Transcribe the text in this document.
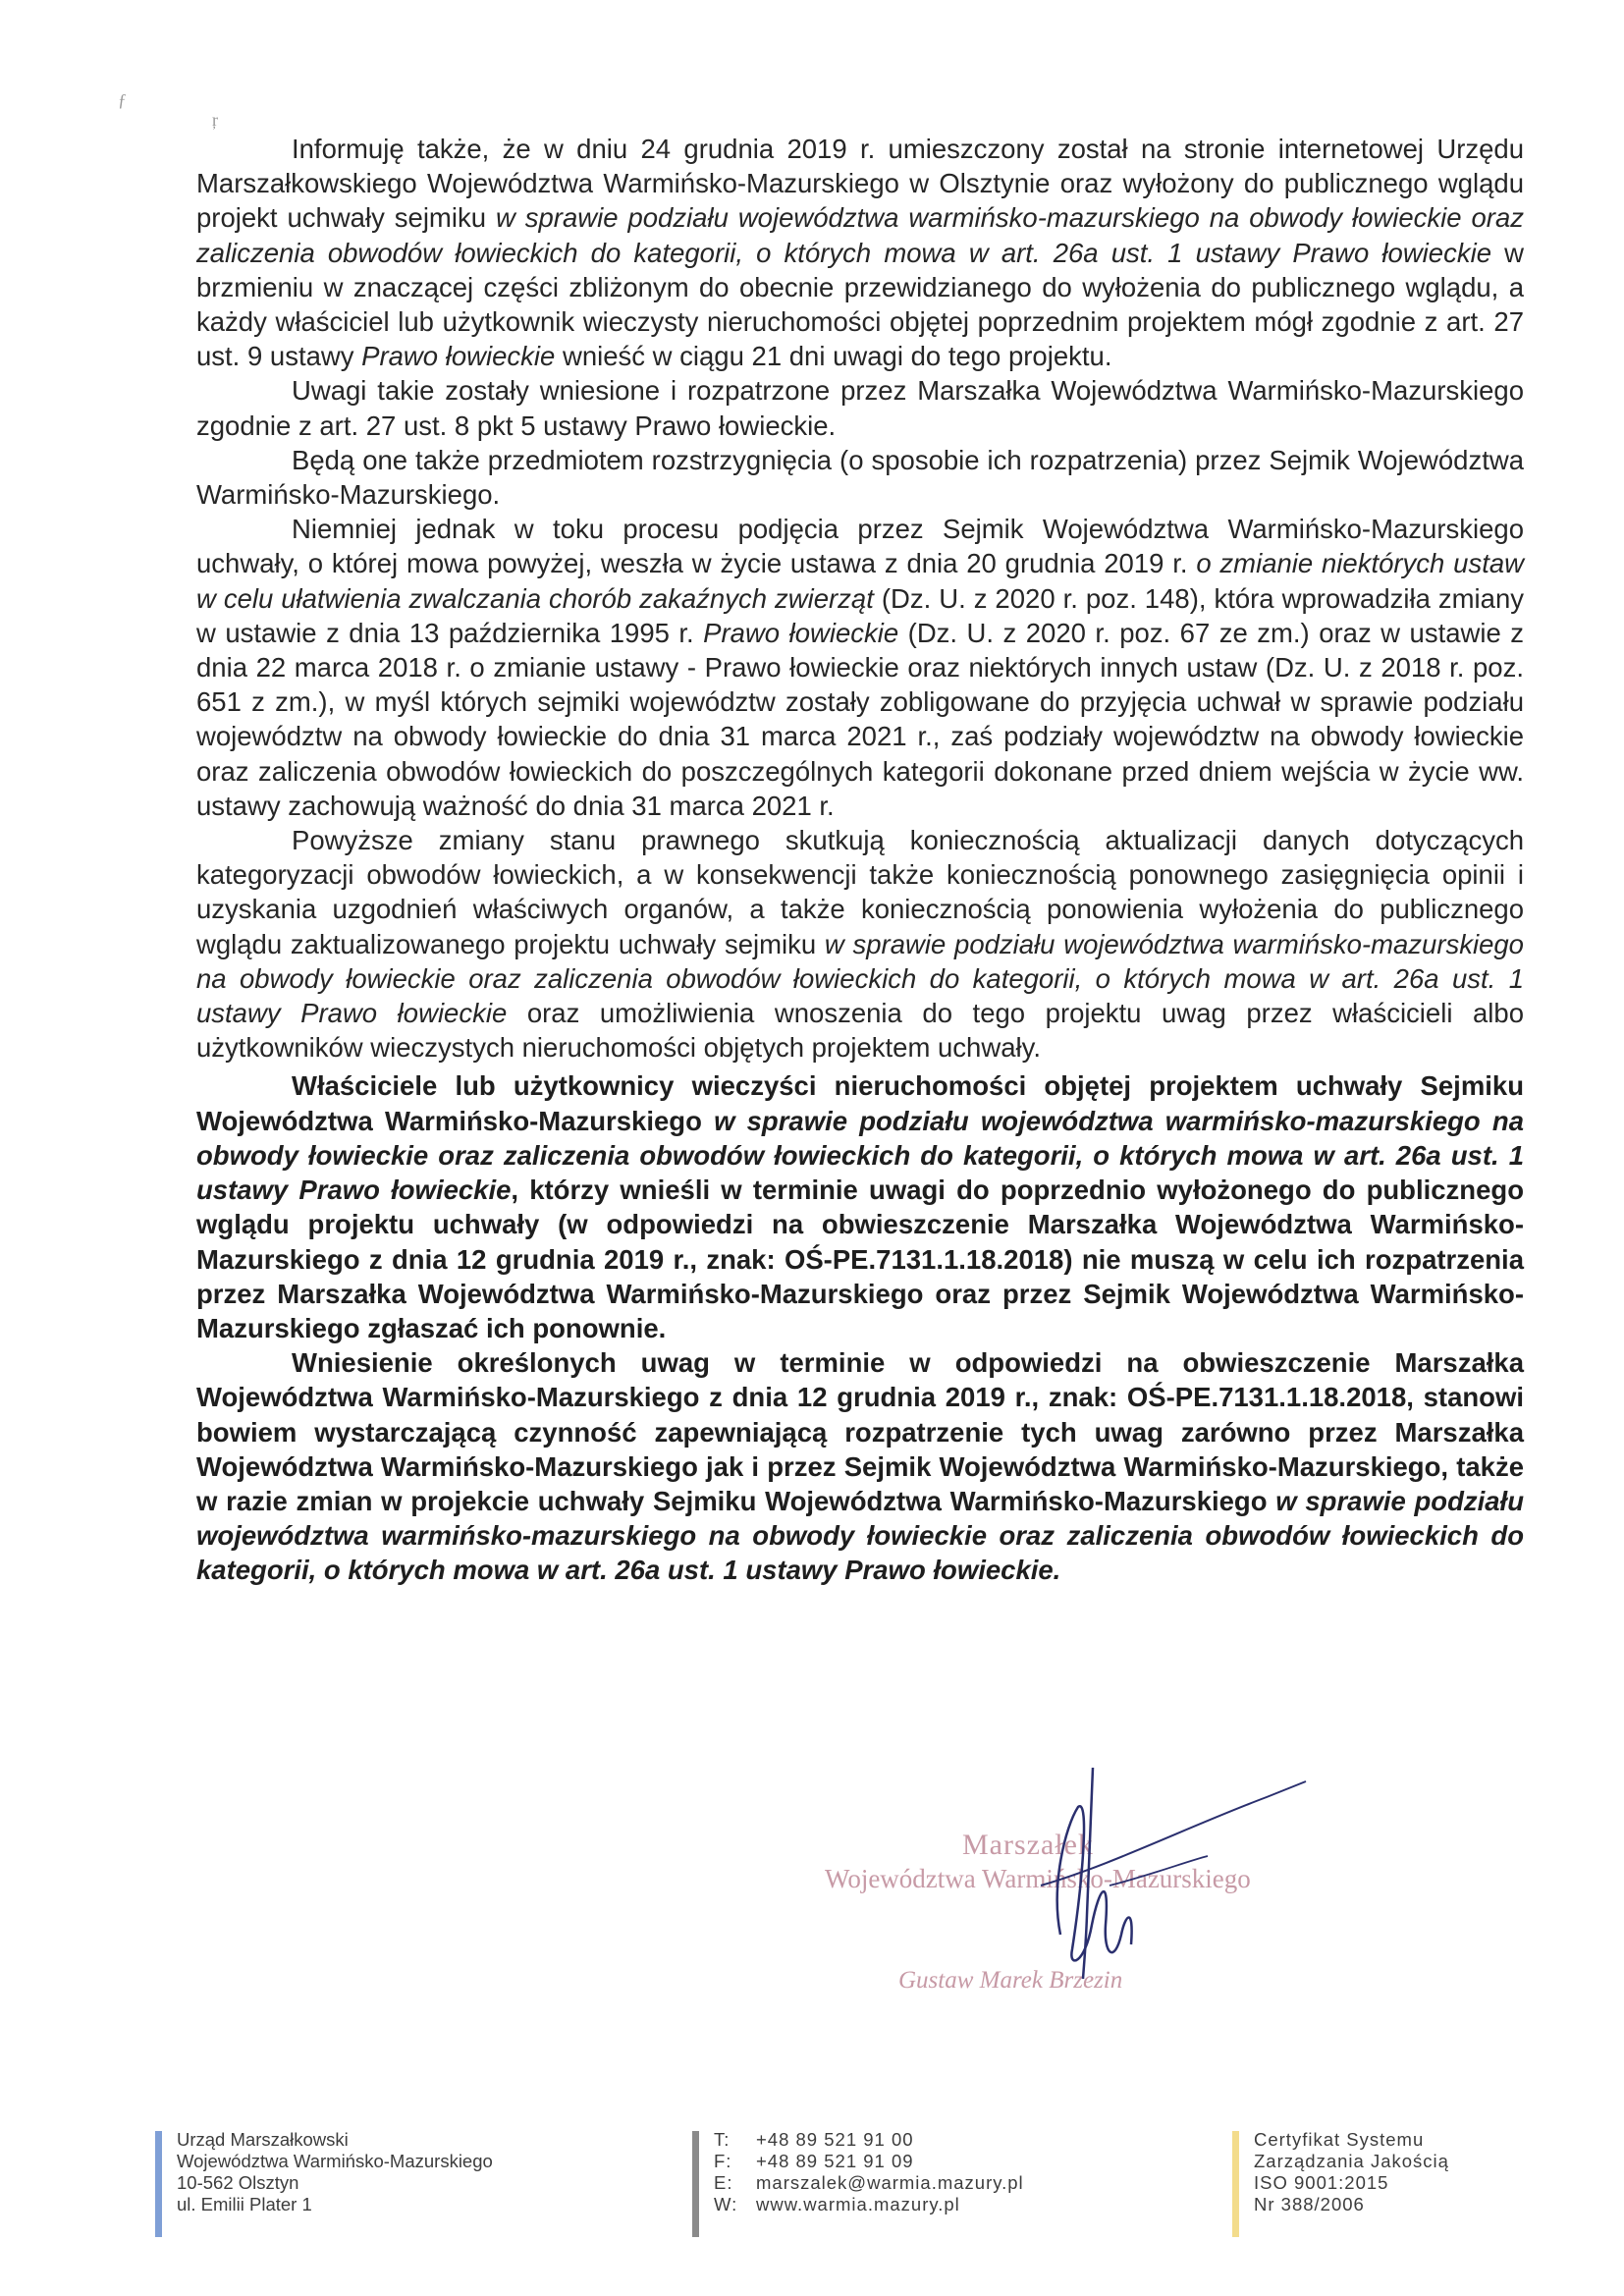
ƒ
ŗ

Informuję także, że w dniu 24 grudnia 2019 r. umieszczony został na stronie internetowej Urzędu Marszałkowskiego Województwa Warmińsko-Mazurskiego w Olsztynie oraz wyłożony do publicznego wglądu projekt uchwały sejmiku w sprawie podziału województwa warmińsko-mazurskiego na obwody łowieckie oraz zaliczenia obwodów łowieckich do kategorii, o których mowa w art. 26a ust. 1 ustawy Prawo łowieckie w brzmieniu w znaczącej części zbliżonym do obecnie przewidzianego do wyłożenia do publicznego wglądu, a każdy właściciel lub użytkownik wieczysty nieruchomości objętej poprzednim projektem mógł zgodnie z art. 27 ust. 9 ustawy Prawo łowieckie wnieść w ciągu 21 dni uwagi do tego projektu.

Uwagi takie zostały wniesione i rozpatrzone przez Marszałka Województwa Warmińsko-Mazurskiego zgodnie z art. 27 ust. 8 pkt 5 ustawy Prawo łowieckie.

Będą one także przedmiotem rozstrzygnięcia (o sposobie ich rozpatrzenia) przez Sejmik Województwa Warmińsko-Mazurskiego.

Niemniej jednak w toku procesu podjęcia przez Sejmik Województwa Warmińsko-Mazurskiego uchwały, o której mowa powyżej, weszła w życie ustawa z dnia 20 grudnia 2019 r. o zmianie niektórych ustaw w celu ułatwienia zwalczania chorób zakaźnych zwierząt (Dz. U. z 2020 r. poz. 148), która wprowadziła zmiany w ustawie z dnia 13 października 1995 r. Prawo łowieckie (Dz. U. z 2020 r. poz. 67 ze zm.) oraz w ustawie z dnia 22 marca 2018 r. o zmianie ustawy - Prawo łowieckie oraz niektórych innych ustaw (Dz. U. z 2018 r. poz. 651 z zm.), w myśl których sejmiki województw zostały zobligowane do przyjęcia uchwał w sprawie podziału województw na obwody łowieckie do dnia 31 marca 2021 r., zaś podziały województw na obwody łowieckie oraz zaliczenia obwodów łowieckich do poszczególnych kategorii dokonane przed dniem wejścia w życie ww. ustawy zachowują ważność do dnia 31 marca 2021 r.

Powyższe zmiany stanu prawnego skutkują koniecznością aktualizacji danych dotyczących kategoryzacji obwodów łowieckich, a w konsekwencji także koniecznością ponownego zasięgnięcia opinii i uzyskania uzgodnień właściwych organów, a także koniecznością ponowienia wyłożenia do publicznego wglądu zaktualizowanego projektu uchwały sejmiku w sprawie podziału województwa warmińsko-mazurskiego na obwody łowieckie oraz zaliczenia obwodów łowieckich do kategorii, o których mowa w art. 26a ust. 1 ustawy Prawo łowieckie oraz umożliwienia wnoszenia do tego projektu uwag przez właścicieli albo użytkowników wieczystych nieruchomości objętych projektem uchwały.

Właściciele lub użytkownicy wieczyści nieruchomości objętej projektem uchwały Sejmiku Województwa Warmińsko-Mazurskiego w sprawie podziału województwa warmińsko-mazurskiego na obwody łowieckie oraz zaliczenia obwodów łowieckich do kategorii, o których mowa w art. 26a ust. 1 ustawy Prawo łowieckie, którzy wnieśli w terminie uwagi do poprzednio wyłożonego do publicznego wglądu projektu uchwały (w odpowiedzi na obwieszczenie Marszałka Województwa Warmińsko-Mazurskiego z dnia 12 grudnia 2019 r., znak: OŚ-PE.7131.1.18.2018) nie muszą w celu ich rozpatrzenia przez Marszałka Województwa Warmińsko-Mazurskiego oraz przez Sejmik Województwa Warmińsko-Mazurskiego zgłaszać ich ponownie.

Wniesienie określonych uwag w terminie w odpowiedzi na obwieszczenie Marszałka Województwa Warmińsko-Mazurskiego z dnia 12 grudnia 2019 r., znak: OŚ-PE.7131.1.18.2018, stanowi bowiem wystarczającą czynność zapewniającą rozpatrzenie tych uwag zarówno przez Marszałka Województwa Warmińsko-Mazurskiego jak i przez Sejmik Województwa Warmińsko-Mazurskiego, także w razie zmian w projekcie uchwały Sejmiku Województwa Warmińsko-Mazurskiego w sprawie podziału województwa warmińsko-mazurskiego na obwody łowieckie oraz zaliczenia obwodów łowieckich do kategorii, o których mowa w art. 26a ust. 1 ustawy Prawo łowieckie.

Marszałek
Województwa Warmińsko-Mazurskiego
Gustaw Marek Brzezin
Urząd Marszałkowski
Województwa Warmińsko-Mazurskiego
10-562 Olsztyn
ul. Emilii Plater 1
T:	+48 89 521 91 00
F:	+48 89 521 91 09
E:	marszalek@warmia.mazury.pl
W:	www.warmia.mazury.pl
Certyfikat Systemu
Zarządzania Jakością
ISO 9001:2015
Nr 388/2006
